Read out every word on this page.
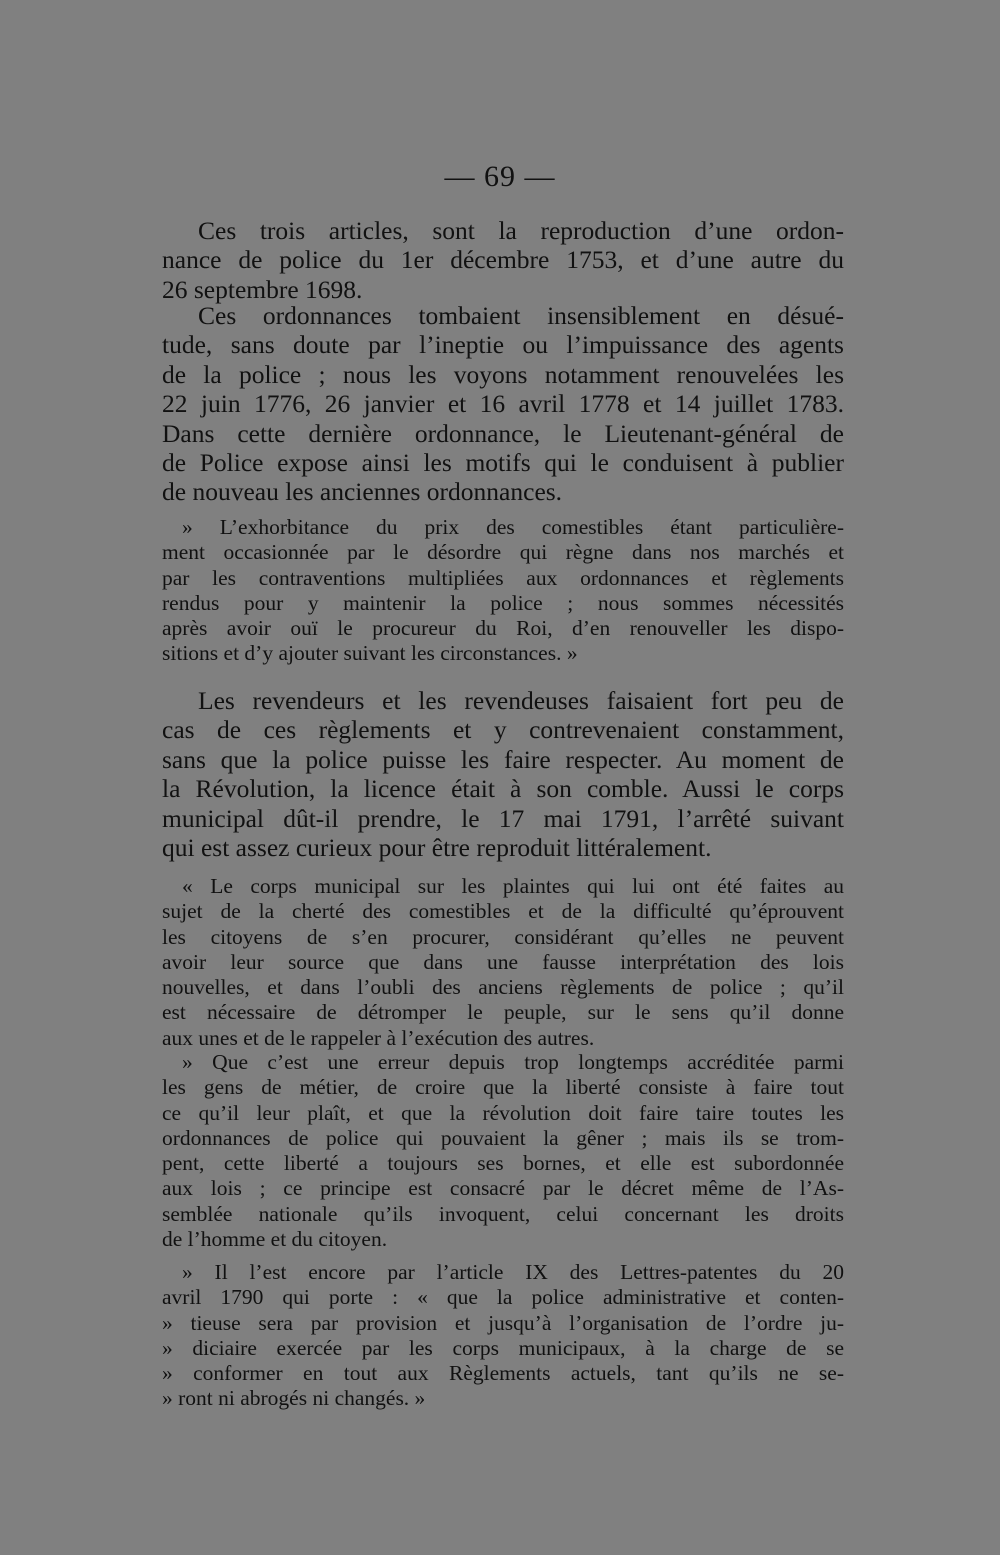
— 69 —
Ces trois articles, sont la reproduction d’une ordon-
nance de police du 1er décembre 1753, et d’une autre du
26 septembre 1698.
Ces ordonnances tombaient insensiblement en désué-
tude, sans doute par l’ineptie ou l’impuissance des agents
de la police ; nous les voyons notamment renouvelées les
22 juin 1776, 26 janvier et 16 avril 1778 et 14 juillet 1783.
Dans cette dernière ordonnance, le Lieutenant-général de
de Police expose ainsi les motifs qui le conduisent à publier
de nouveau les anciennes ordonnances.
» L’exhorbitance du prix des comestibles étant particulière-
ment occasionnée par le désordre qui règne dans nos marchés et
par les contraventions multipliées aux ordonnances et règlements
rendus pour y maintenir la police ; nous sommes nécessités
après avoir ouï le procureur du Roi, d’en renouveller les dispo-
sitions et d’y ajouter suivant les circonstances. »
Les revendeurs et les revendeuses faisaient fort peu de
cas de ces règlements et y contrevenaient constamment,
sans que la police puisse les faire respecter. Au moment de
la Révolution, la licence était à son comble. Aussi le corps
municipal dût-il prendre, le 17 mai 1791, l’arrêté suivant
qui est assez curieux pour être reproduit littéralement.
« Le corps municipal sur les plaintes qui lui ont été faites au
sujet de la cherté des comestibles et de la difficulté qu’éprouvent
les citoyens de s’en procurer, considérant qu’elles ne peuvent
avoir leur source que dans une fausse interprétation des lois
nouvelles, et dans l’oubli des anciens règlements de police ; qu’il
est nécessaire de détromper le peuple, sur le sens qu’il donne
aux unes et de le rappeler à l’exécution des autres.
» Que c’est une erreur depuis trop longtemps accréditée parmi
les gens de métier, de croire que la liberté consiste à faire tout
ce qu’il leur plaît, et que la révolution doit faire taire toutes les
ordonnances de police qui pouvaient la gêner ; mais ils se trom-
pent, cette liberté a toujours ses bornes, et elle est subordonnée
aux lois ; ce principe est consacré par le décret même de l’As-
semblée nationale qu’ils invoquent, celui concernant les droits
de l’homme et du citoyen.
» Il l’est encore par l’article IX des Lettres-patentes du 20
avril 1790 qui porte : « que la police administrative et conten-
» tieuse sera par provision et jusqu’à l’organisation de l’ordre ju-
» diciaire exercée par les corps municipaux, à la charge de se
» conformer en tout aux Règlements actuels, tant qu’ils ne se-
» ront ni abrogés ni changés. »
